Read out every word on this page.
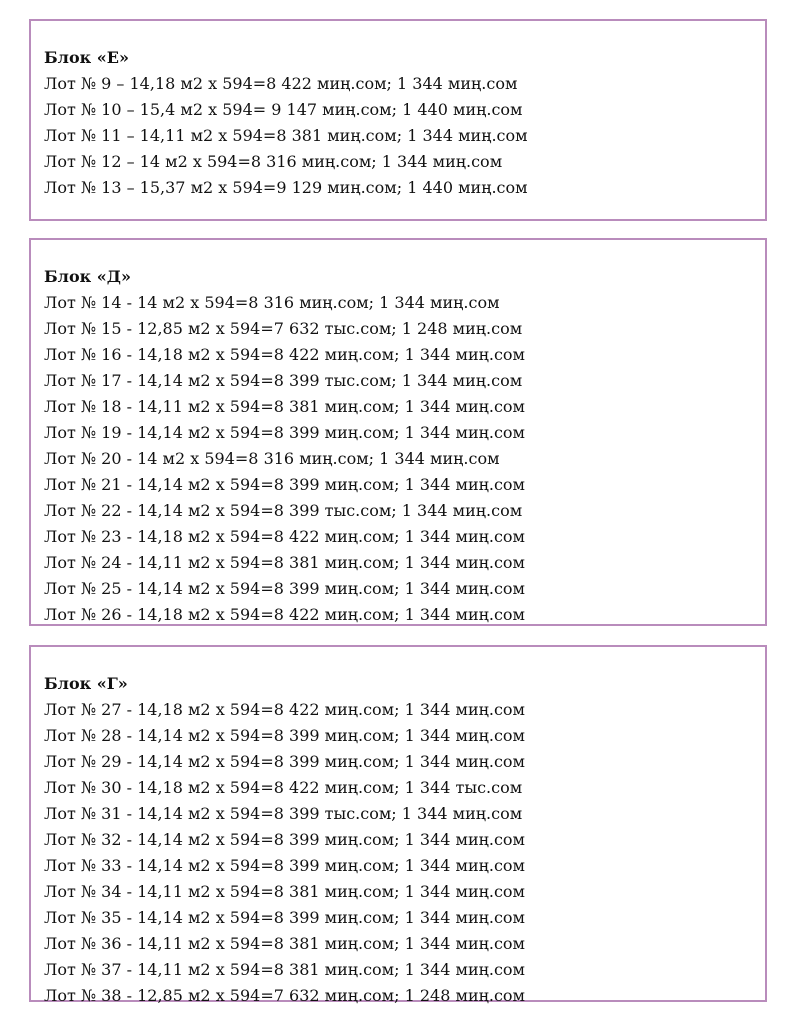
Блок «Е»
Лот № 9 – 14,18 м2 х 594=8 422 миң.сом; 1 344 миң.сом
Лот № 10 – 15,4 м2 х 594= 9 147 миң.сом; 1 440 миң.сом
Лот № 11 – 14,11 м2 х 594=8 381 миң.сом; 1 344 миң.сом
Лот № 12 – 14 м2 х 594=8 316 миң.сом; 1 344 миң.сом
Лот № 13 – 15,37 м2 х 594=9 129 миң.сом; 1 440 миң.сом
Блок «Д»
Лот № 14 - 14 м2 х 594=8 316 миң.сом; 1 344 миң.сом
Лот № 15 - 12,85 м2 х 594=7 632 тыс.сом; 1 248 миң.сом
Лот № 16 - 14,18 м2 х 594=8 422 миң.сом; 1 344 миң.сом
Лот № 17 - 14,14 м2 х 594=8 399 тыс.сом; 1 344 миң.сом
Лот № 18 - 14,11 м2 х 594=8 381 миң.сом; 1 344 миң.сом
Лот № 19 - 14,14 м2 х 594=8 399 миң.сом; 1 344 миң.сом
Лот № 20 - 14 м2 х 594=8 316 миң.сом; 1 344 миң.сом
Лот № 21 - 14,14 м2 х 594=8 399 миң.сом; 1 344 миң.сом
Лот № 22 - 14,14 м2 х 594=8 399 тыс.сом; 1 344 миң.сом
Лот № 23 - 14,18 м2 х 594=8 422 миң.сом; 1 344 миң.сом
Лот № 24 - 14,11 м2 х 594=8 381 миң.сом; 1 344 миң.сом
Лот № 25 - 14,14 м2 х 594=8 399 миң.сом; 1 344 миң.сом
Лот № 26 - 14,18 м2 х 594=8 422 миң.сом; 1 344 миң.сом
Блок «Г»
Лот № 27 - 14,18 м2 х 594=8 422 миң.сом; 1 344 миң.сом
Лот № 28 - 14,14 м2 х 594=8 399 миң.сом; 1 344 миң.сом
Лот № 29 - 14,14 м2 х 594=8 399 миң.сом; 1 344 миң.сом
Лот № 30 - 14,18 м2 х 594=8 422 миң.сом; 1 344 тыс.сом
Лот № 31 - 14,14 м2 х 594=8 399 тыс.сом; 1 344 миң.сом
Лот № 32 - 14,14 м2 х 594=8 399 миң.сом; 1 344 миң.сом
Лот № 33 - 14,14 м2 х 594=8 399 миң.сом; 1 344 миң.сом
Лот № 34 - 14,11 м2 х 594=8 381 миң.сом; 1 344 миң.сом
Лот № 35 - 14,14 м2 х 594=8 399 миң.сом; 1 344 миң.сом
Лот № 36 - 14,11 м2 х 594=8 381 миң.сом; 1 344 миң.сом
Лот № 37 - 14,11 м2 х 594=8 381 миң.сом; 1 344 миң.сом
Лот № 38 - 12,85 м2 х 594=7 632 миң.сом; 1 248 миң.сом
